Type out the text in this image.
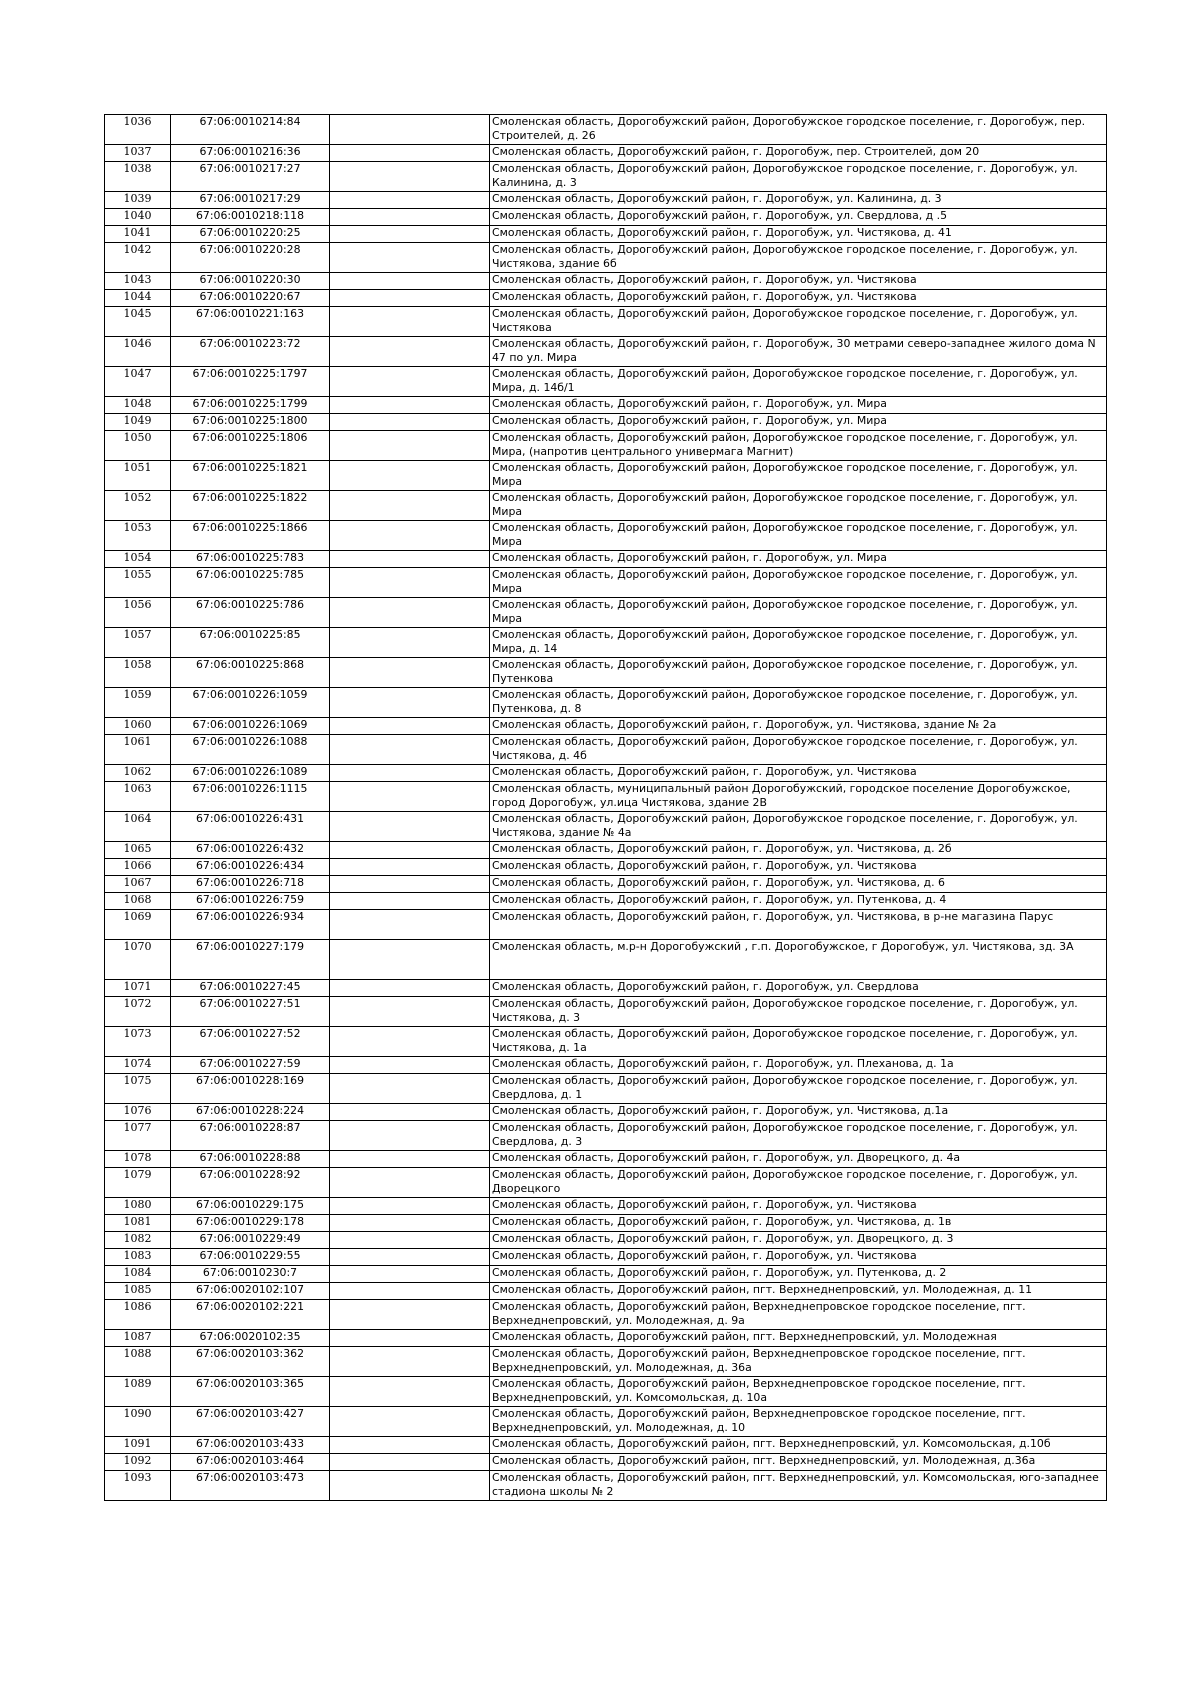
1036	67:06:0010214:84		Смоленская область, Дорогобужский район, Дорогобужское городское поселение, г. Дорогобуж, пер. Строителей, д. 26
1037	67:06:0010216:36		Смоленская область, Дорогобужский район, г. Дорогобуж, пер. Строителей, дом 20
1038	67:06:0010217:27		Смоленская область, Дорогобужский район, Дорогобужское городское поселение, г. Дорогобуж, ул. Калинина, д. 3
1039	67:06:0010217:29		Смоленская область, Дорогобужский район, г. Дорогобуж, ул. Калинина, д. 3
1040	67:06:0010218:118		Смоленская область, Дорогобужский район, г. Дорогобуж, ул. Свердлова, д .5
1041	67:06:0010220:25		Смоленская область, Дорогобужский район, г. Дорогобуж, ул. Чистякова, д. 41
1042	67:06:0010220:28		Смоленская область, Дорогобужский район, Дорогобужское городское поселение, г. Дорогобуж, ул. Чистякова, здание 6б
1043	67:06:0010220:30		Смоленская область, Дорогобужский район, г. Дорогобуж, ул. Чистякова
1044	67:06:0010220:67		Смоленская область, Дорогобужский район, г. Дорогобуж, ул. Чистякова
1045	67:06:0010221:163		Смоленская область, Дорогобужский район, Дорогобужское городское поселение, г. Дорогобуж, ул. Чистякова
1046	67:06:0010223:72		Смоленская область, Дорогобужский район, г. Дорогобуж, 30 метрами северо-западнее жилого дома N 47 по ул. Мира
1047	67:06:0010225:1797		Смоленская область, Дорогобужский район, Дорогобужское городское поселение, г. Дорогобуж, ул. Мира, д. 14б/1
1048	67:06:0010225:1799		Смоленская область, Дорогобужский район, г. Дорогобуж, ул. Мира
1049	67:06:0010225:1800		Смоленская область, Дорогобужский район, г. Дорогобуж, ул. Мира
1050	67:06:0010225:1806		Смоленская область, Дорогобужский район, Дорогобужское городское поселение, г. Дорогобуж, ул. Мира, (напротив центрального универмага Магнит)
1051	67:06:0010225:1821		Смоленская область, Дорогобужский район, Дорогобужское городское поселение, г. Дорогобуж, ул. Мира
1052	67:06:0010225:1822		Смоленская область, Дорогобужский район, Дорогобужское городское поселение, г. Дорогобуж, ул. Мира
1053	67:06:0010225:1866		Смоленская область, Дорогобужский район, Дорогобужское городское поселение, г. Дорогобуж, ул. Мира
1054	67:06:0010225:783		Смоленская область, Дорогобужский район, г. Дорогобуж, ул. Мира
1055	67:06:0010225:785		Смоленская область, Дорогобужский район, Дорогобужское городское поселение, г. Дорогобуж, ул. Мира
1056	67:06:0010225:786		Смоленская область, Дорогобужский район, Дорогобужское городское поселение, г. Дорогобуж, ул. Мира
1057	67:06:0010225:85		Смоленская область, Дорогобужский район, Дорогобужское городское поселение, г. Дорогобуж, ул. Мира, д. 14
1058	67:06:0010225:868		Смоленская область, Дорогобужский район, Дорогобужское городское поселение, г. Дорогобуж, ул. Путенкова
1059	67:06:0010226:1059		Смоленская область, Дорогобужский район, Дорогобужское городское поселение, г. Дорогобуж, ул. Путенкова, д. 8
1060	67:06:0010226:1069		Смоленская область, Дорогобужский район, г. Дорогобуж, ул. Чистякова, здание № 2а
1061	67:06:0010226:1088		Смоленская область, Дорогобужский район, Дорогобужское городское поселение, г. Дорогобуж, ул. Чистякова, д. 4б
1062	67:06:0010226:1089		Смоленская область, Дорогобужский район, г. Дорогобуж, ул. Чистякова
1063	67:06:0010226:1115		Смоленская область, муниципальный район Дорогобужский, городское поселение Дорогобужское, город Дорогобуж, ул.ица Чистякова, здание 2В
1064	67:06:0010226:431		Смоленская область, Дорогобужский район, Дорогобужское городское поселение, г. Дорогобуж, ул. Чистякова, здание № 4а
1065	67:06:0010226:432		Смоленская область, Дорогобужский район, г. Дорогобуж, ул. Чистякова, д. 2б
1066	67:06:0010226:434		Смоленская область, Дорогобужский район, г. Дорогобуж, ул. Чистякова
1067	67:06:0010226:718		Смоленская область, Дорогобужский район, г. Дорогобуж, ул. Чистякова, д. 6
1068	67:06:0010226:759		Смоленская область, Дорогобужский район, г. Дорогобуж, ул. Путенкова, д. 4
1069	67:06:0010226:934		Смоленская область, Дорогобужский район, г. Дорогобуж, ул. Чистякова, в р-не магазина Парус
1070	67:06:0010227:179		Смоленская область, м.р-н Дорогобужский , г.п. Дорогобужское, г Дорогобуж, ул. Чистякова, зд. 3А
1071	67:06:0010227:45		Смоленская область, Дорогобужский район, г. Дорогобуж, ул. Свердлова
1072	67:06:0010227:51		Смоленская область, Дорогобужский район, Дорогобужское городское поселение, г. Дорогобуж, ул. Чистякова, д. 3
1073	67:06:0010227:52		Смоленская область, Дорогобужский район, Дорогобужское городское поселение, г. Дорогобуж, ул. Чистякова, д. 1а
1074	67:06:0010227:59		Смоленская область, Дорогобужский район, г. Дорогобуж, ул. Плеханова, д. 1а
1075	67:06:0010228:169		Смоленская область, Дорогобужский район, Дорогобужское городское поселение, г. Дорогобуж, ул. Свердлова, д. 1
1076	67:06:0010228:224		Смоленская область, Дорогобужский район, г. Дорогобуж, ул. Чистякова, д.1а
1077	67:06:0010228:87		Смоленская область, Дорогобужский район, Дорогобужское городское поселение, г. Дорогобуж, ул. Свердлова, д. 3
1078	67:06:0010228:88		Смоленская область, Дорогобужский район, г. Дорогобуж, ул. Дворецкого, д. 4а
1079	67:06:0010228:92		Смоленская область, Дорогобужский район, Дорогобужское городское поселение, г. Дорогобуж, ул. Дворецкого
1080	67:06:0010229:175		Смоленская область, Дорогобужский район, г. Дорогобуж, ул. Чистякова
1081	67:06:0010229:178		Смоленская область, Дорогобужский район, г. Дорогобуж, ул. Чистякова, д. 1в
1082	67:06:0010229:49		Смоленская область, Дорогобужский район, г. Дорогобуж, ул. Дворецкого, д. 3
1083	67:06:0010229:55		Смоленская область, Дорогобужский район, г. Дорогобуж, ул. Чистякова
1084	67:06:0010230:7		Смоленская область, Дорогобужский район, г. Дорогобуж, ул. Путенкова, д. 2
1085	67:06:0020102:107		Смоленская область, Дорогобужский район, пгт. Верхнеднепровский, ул. Молодежная, д. 11
1086	67:06:0020102:221		Смоленская область, Дорогобужский район, Верхнеднепровское городское поселение, пгт. Верхнеднепровский, ул. Молодежная, д. 9а
1087	67:06:0020102:35		Смоленская область, Дорогобужский район, пгт. Верхнеднепровский, ул. Молодежная
1088	67:06:0020103:362		Смоленская область, Дорогобужский район, Верхнеднепровское городское поселение, пгт. Верхнеднепровский, ул. Молодежная, д. 36а
1089	67:06:0020103:365		Смоленская область, Дорогобужский район, Верхнеднепровское городское поселение, пгт. Верхнеднепровский, ул. Комсомольская, д. 10а
1090	67:06:0020103:427		Смоленская область, Дорогобужский район, Верхнеднепровское городское поселение, пгт. Верхнеднепровский, ул. Молодежная, д. 10
1091	67:06:0020103:433		Смоленская область, Дорогобужский район, пгт. Верхнеднепровский, ул. Комсомольская, д.10б
1092	67:06:0020103:464		Смоленская область, Дорогобужский район, пгт. Верхнеднепровский, ул. Молодежная, д.36а
1093	67:06:0020103:473		Смоленская область, Дорогобужский район, пгт. Верхнеднепровский, ул. Комсомольская, юго-западнее стадиона школы № 2
